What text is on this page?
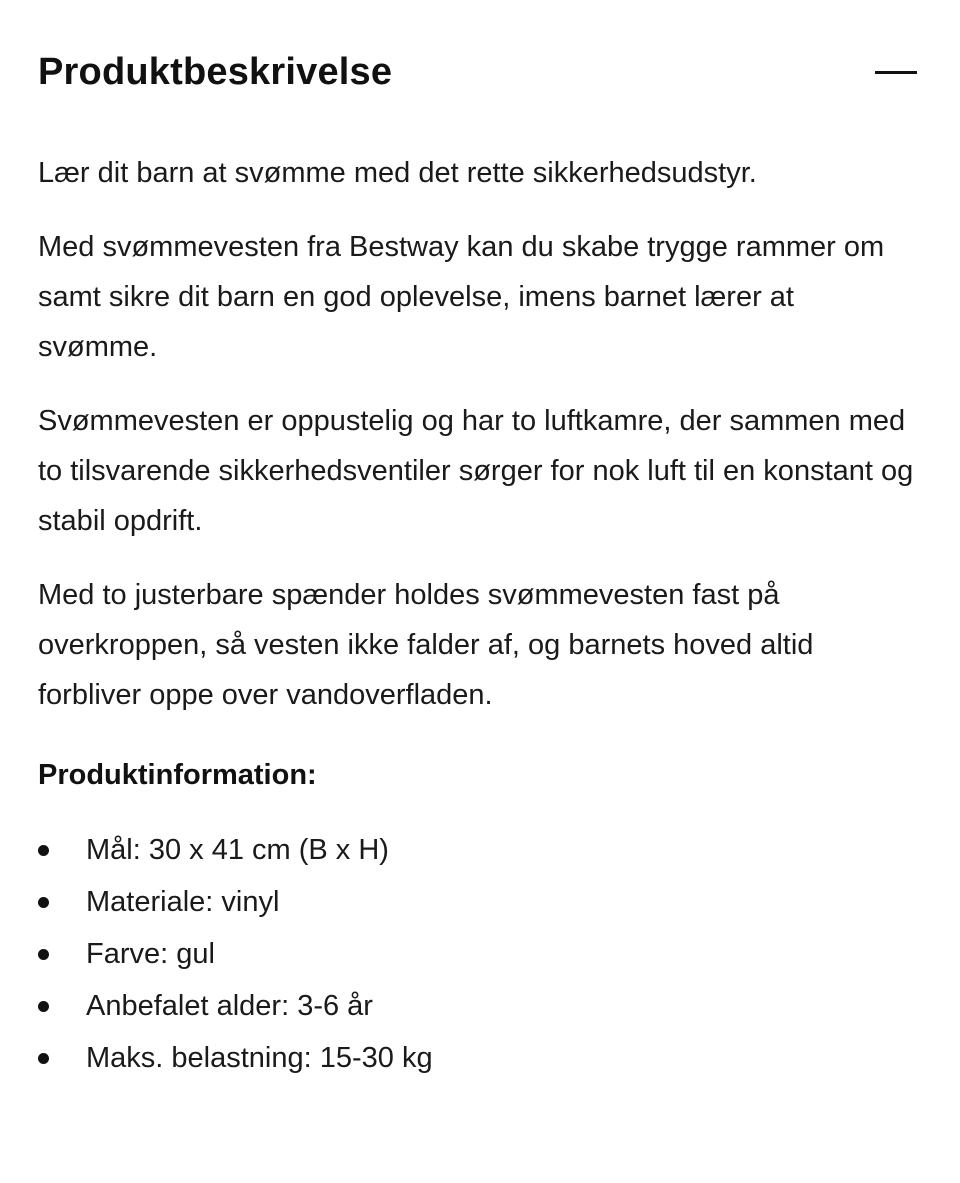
Produktbeskrivelse

Lær dit barn at svømme med det rette sikkerhedsudstyr.

Med svømmevesten fra Bestway kan du skabe trygge rammer om samt sikre dit barn en god oplevelse, imens barnet lærer at svømme.

Svømmevesten er oppustelig og har to luftkamre, der sammen med to tilsvarende sikkerhedsventiler sørger for nok luft til en konstant og stabil opdrift.

Med to justerbare spænder holdes svømmevesten fast på overkroppen, så vesten ikke falder af, og barnets hoved altid forbliver oppe over vandoverfladen.

Produktinformation:
Mål: 30 x 41 cm (B x H)
Materiale: vinyl
Farve: gul
Anbefalet alder: 3-6 år
Maks. belastning: 15-30 kg
